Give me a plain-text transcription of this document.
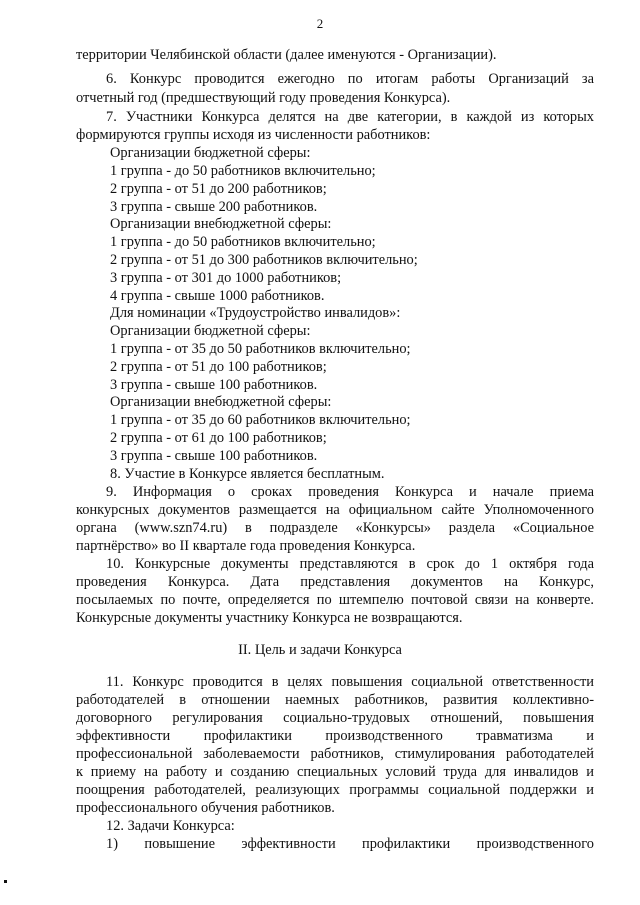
2
территории Челябинской области (далее именуются - Организации).
6. Конкурс проводится ежегодно по итогам работы Организаций за
отчетный год (предшествующий году проведения Конкурса).
7. Участники Конкурса делятся на две категории, в каждой из которых
формируются группы исходя из численности работников:
Организации бюджетной сферы:
1 группа - до 50 работников включительно;
2 группа - от 51 до 200 работников;
3 группа - свыше 200 работников.
Организации внебюджетной сферы:
1 группа - до 50 работников включительно;
2 группа - от 51 до 300 работников включительно;
3 группа - от 301 до 1000 работников;
4 группа - свыше 1000 работников.
Для номинации «Трудоустройство инвалидов»:
Организации бюджетной сферы:
1 группа - от 35 до 50 работников включительно;
2 группа - от 51 до 100 работников;
3 группа - свыше 100 работников.
Организации внебюджетной сферы:
1 группа - от 35 до 60 работников включительно;
2 группа - от 61 до 100 работников;
3 группа - свыше 100 работников.
8. Участие в Конкурсе является бесплатным.
9. Информация о сроках проведения Конкурса и начале приема
конкурсных документов размещается на официальном сайте Уполномоченного
органа (www.szn74.ru) в подразделе «Конкурсы» раздела «Социальное
партнёрство» во II квартале года проведения Конкурса.
10. Конкурсные документы представляются в срок до 1 октября года
проведения Конкурса. Дата представления документов на Конкурс,
посылаемых по почте, определяется по штемпелю почтовой связи на конверте.
Конкурсные документы участнику Конкурса не возвращаются.
II. Цель и задачи Конкурса
11. Конкурс проводится в целях повышения социальной ответственности
работодателей в отношении наемных работников, развития коллективно-
договорного регулирования социально-трудовых отношений, повышения
эффективности профилактики производственного травматизма и
профессиональной заболеваемости работников, стимулирования работодателей
к приему на работу и созданию специальных условий труда для инвалидов и
поощрения работодателей, реализующих программы социальной поддержки и
профессионального обучения работников.
12. Задачи Конкурса:
1) повышение эффективности профилактики производственного
